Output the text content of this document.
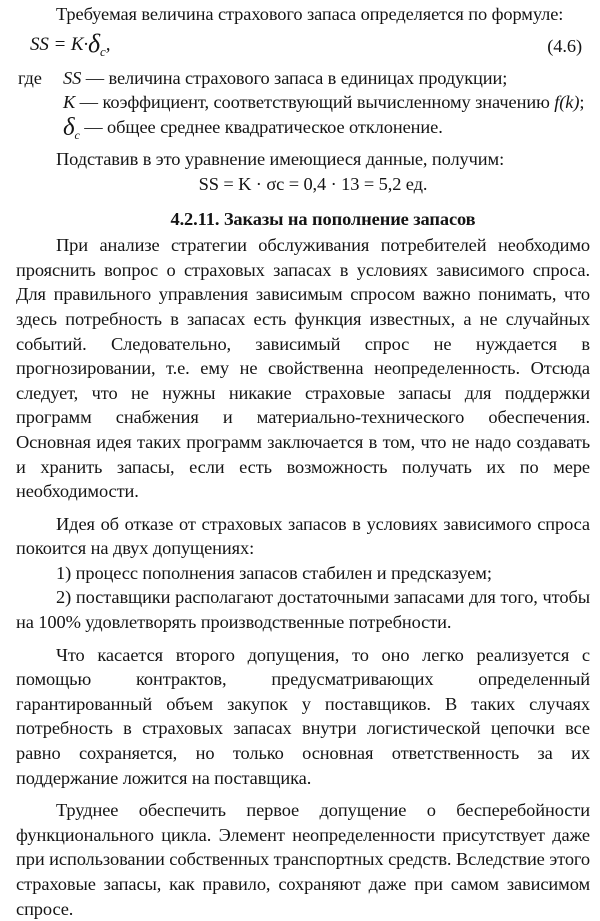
Требуемая величина страхового запаса определяется по формуле:

SS = $K\cdot\delta_c$,	(4.6)
где SS — величина страхового запаса в единицах продукции;
K — коэффициент, соответствующий вычисленному значению f(k);
$\delta_c$ — общее среднее квадратическое отклонение.

Подставив в это уравнение имеющиеся данные, получим:

SS = K · σc = 0,4 · 13 = 5,2 ед.

4.2.11. Заказы на пополнение запасов

При анализе стратегии обслуживания потребителей необходимо прояснить вопрос о страховых запасах в условиях зависимого спроса. Для правильного управления зависимым спросом важно понимать, что здесь потребность в запасах есть функция известных, а не случайных событий. Следовательно, зависимый спрос не нуждается в прогнозировании, т.е. ему не свойственна неопределенность. Отсюда следует, что не нужны никакие страховые запасы для поддержки программ снабжения и материально-технического обеспечения. Основная идея таких программ заключается в том, что не надо создавать и хранить запасы, если есть возможность получать их по мере необходимости.

Идея об отказе от страховых запасов в условиях зависимого спроса покоится на двух допущениях:

1) процесс пополнения запасов стабилен и предсказуем;

2) поставщики располагают достаточными запасами для того, чтобы на 100% удовлетворять производственные потребности.

Что касается второго допущения, то оно легко реализуется с помощью контрактов, предусматривающих определенный гарантированный объем закупок у поставщиков. В таких случаях потребность в страховых запасах внутри логистической цепочки все равно сохраняется, но только основная ответственность за их поддержание ложится на поставщика.

Труднее обеспечить первое допущение о бесперебойности функционального цикла. Элемент неопределенности присутствует даже при использовании собственных транспортных средств. Вследствие этого страховые запасы, как правило, сохраняют даже при самом зависимом спросе.
